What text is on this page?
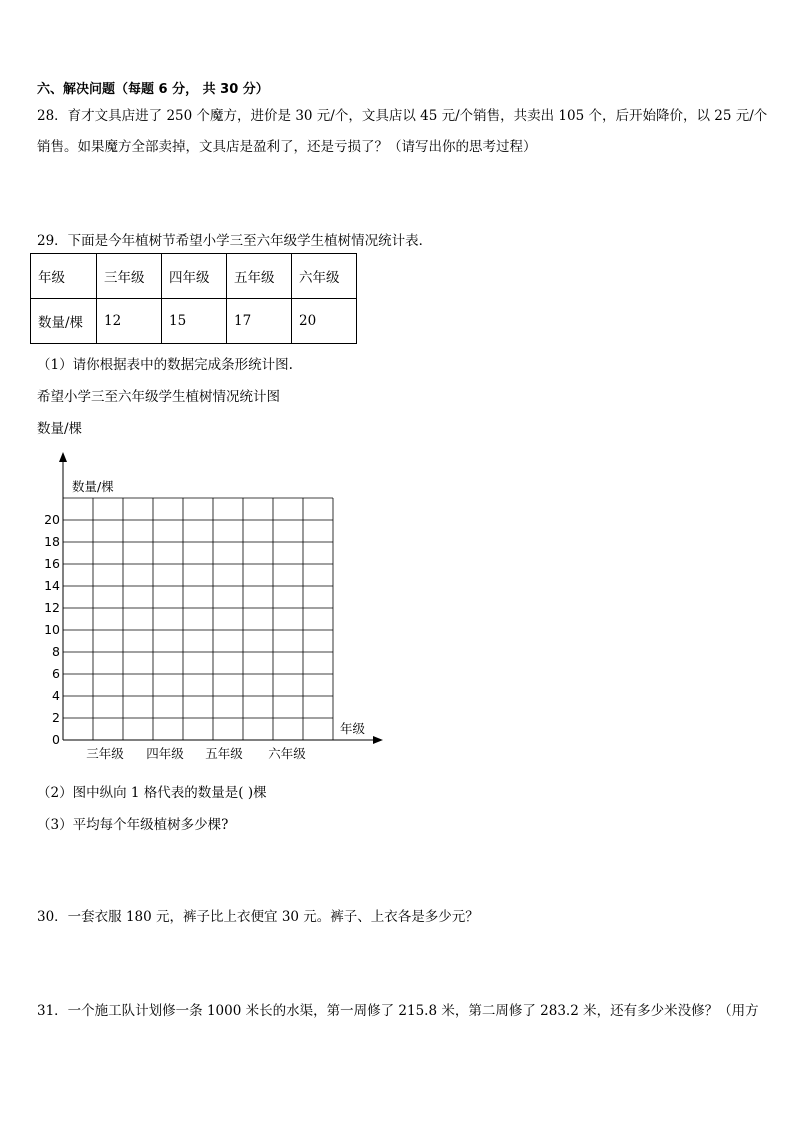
六、解决问题（每题 6 分， 共 30 分）
28．育才文具店进了 250 个魔方，进价是 30 元/个，文具店以 45 元/个销售，共卖出 105 个，后开始降价，以 25 元/个
销售。如果魔方全部卖掉，文具店是盈利了，还是亏损了？（请写出你的思考过程）
29．下面是今年植树节希望小学三至六年级学生植树情况统计表．
年级	三年级	四年级	五年级	六年级
数量/棵	12	15	17	20
（1）请你根据表中的数据完成条形统计图.
希望小学三至六年级学生植树情况统计图
数量/棵
0
2
4
6
8
10
12
14
16
18
20
三年级 四年级 五年级 六年级
数量/棵
年级
（2）图中纵向 1 格代表的数量是( )棵
（3）平均每个年级植树多少棵?
30．一套衣服 180 元，裤子比上衣便宜 30 元。裤子、上衣各是多少元？
31．一个施工队计划修一条 1000 米长的水渠，第一周修了 215.8 米，第二周修了 283.2 米，还有多少米没修？（用方
